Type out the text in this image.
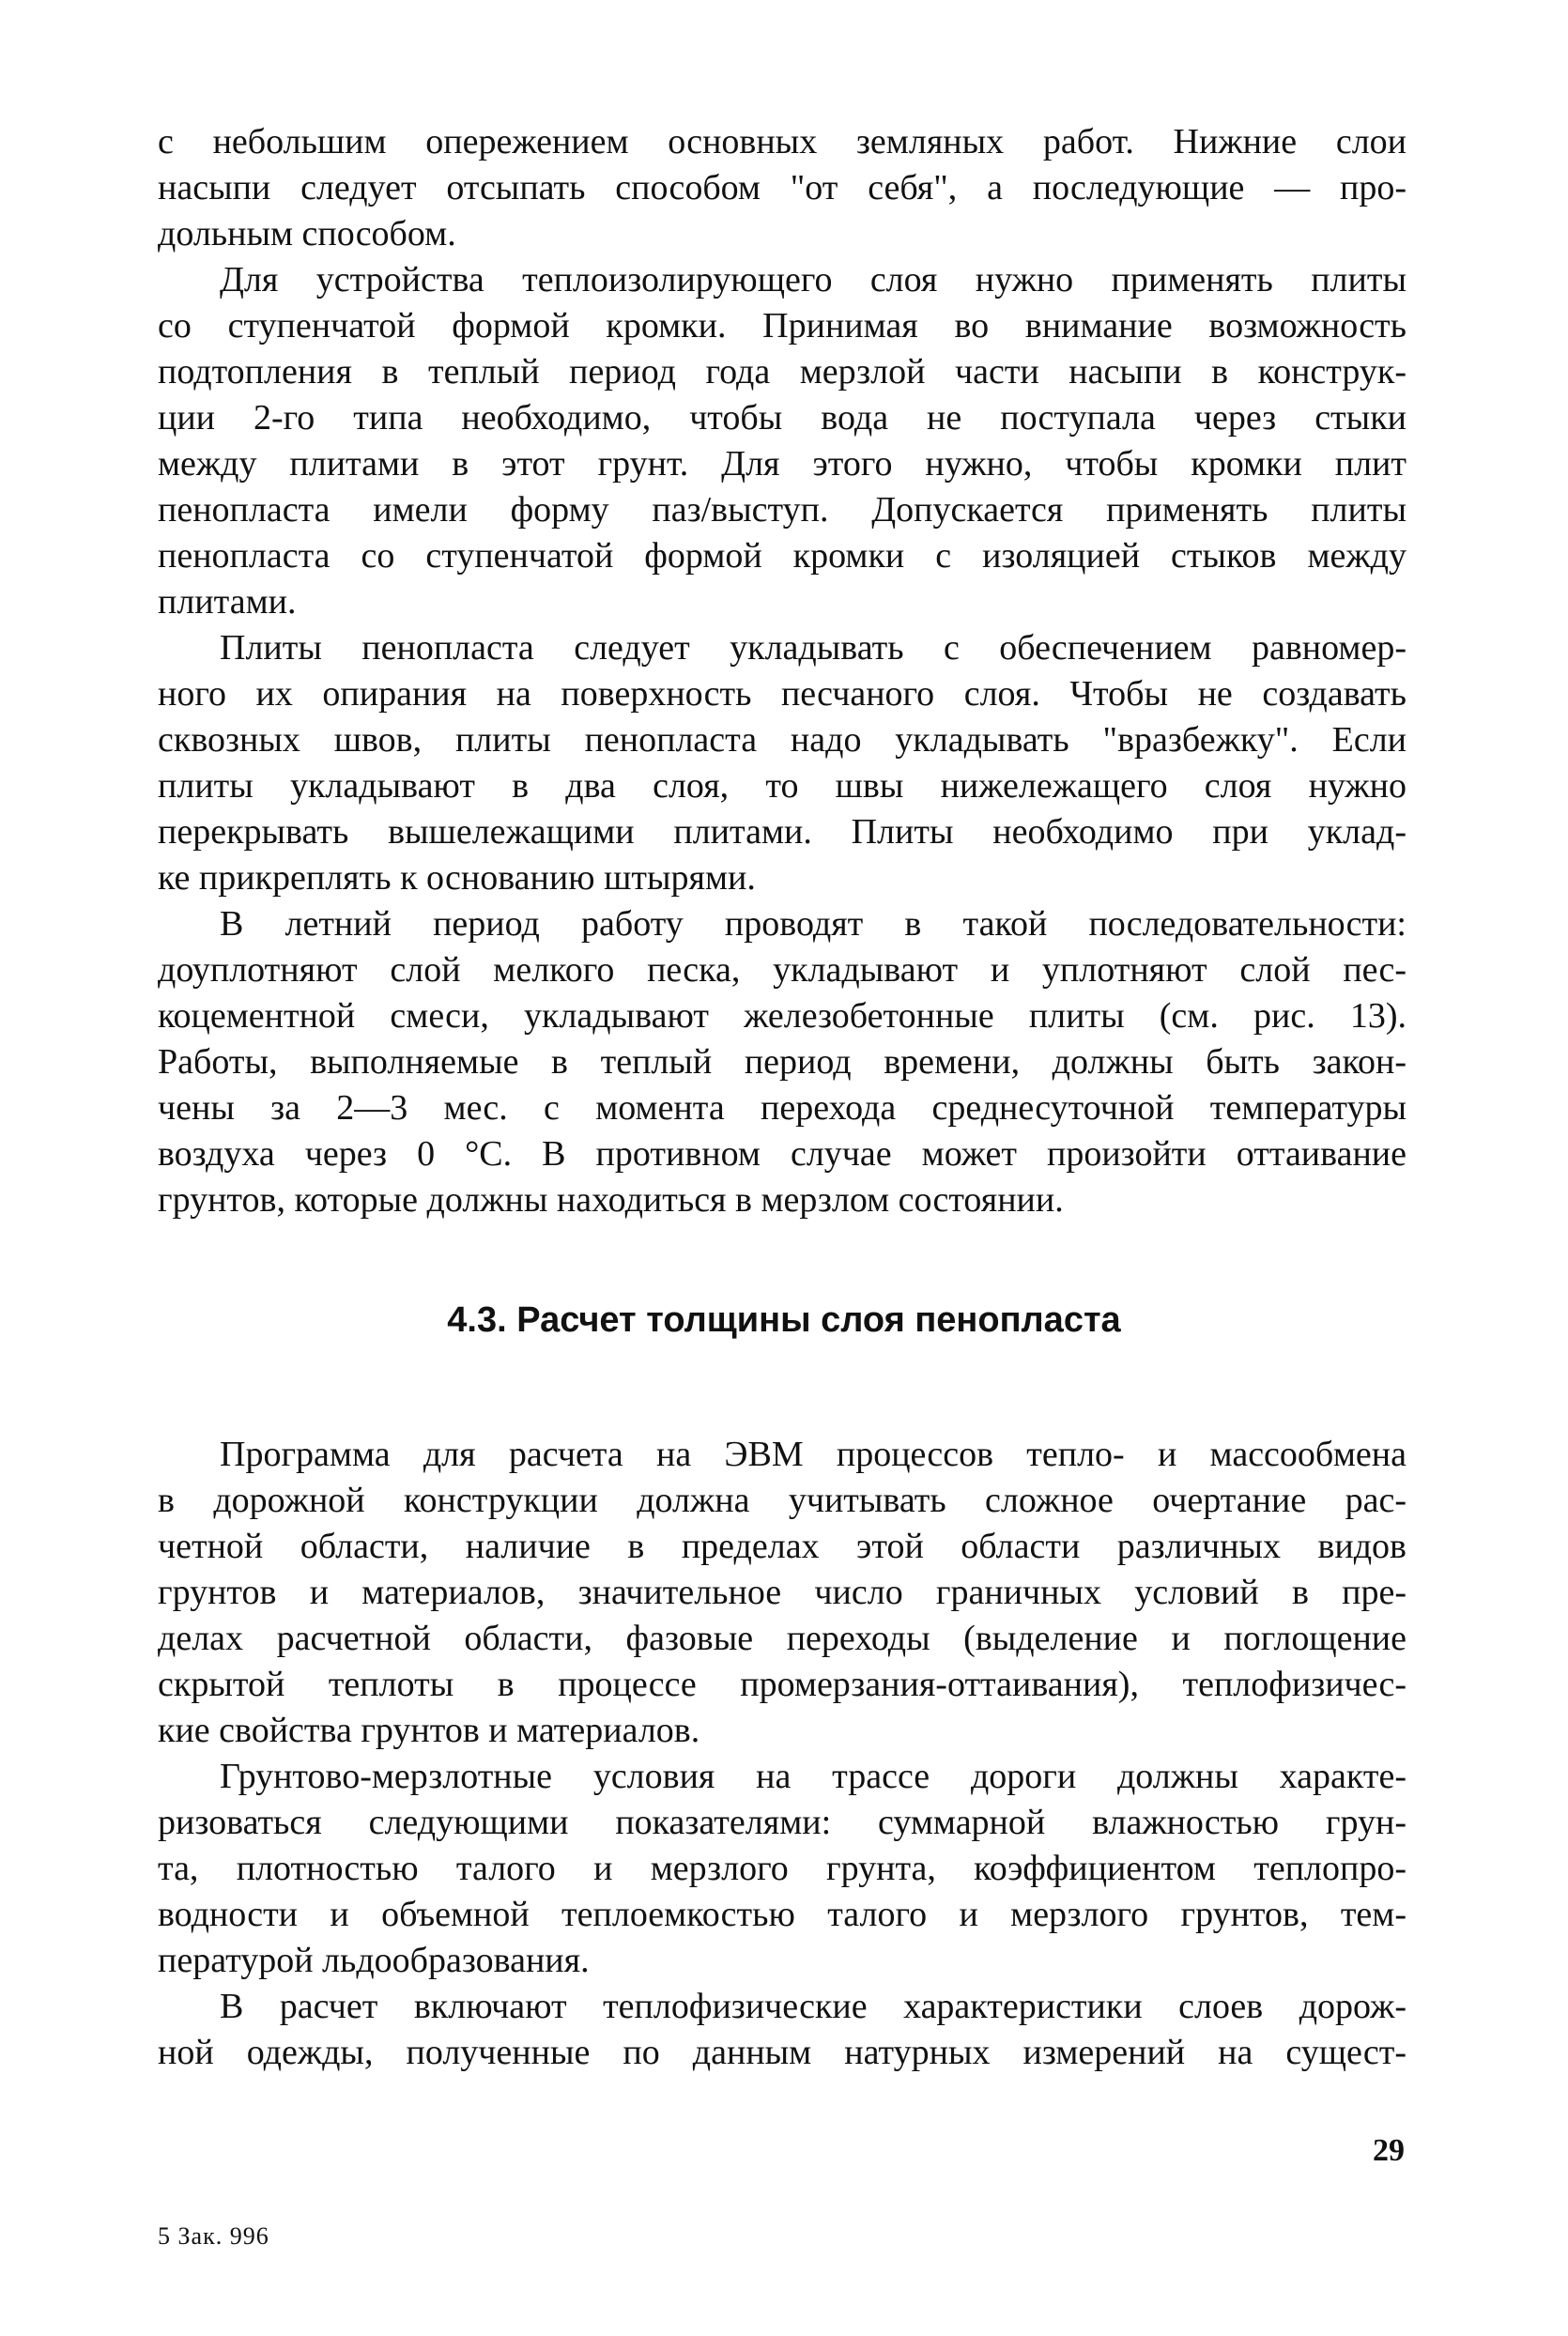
с небольшим опережением основных земляных работ. Нижние слои
насыпи следует отсыпать способом "от себя", а последующие — про-
дольным способом.
Для устройства теплоизолирующего слоя нужно применять плиты
со ступенчатой формой кромки. Принимая во внимание возможность
подтопления в теплый период года мерзлой части насыпи в конструк-
ции 2-го типа необходимо, чтобы вода не поступала через стыки
между плитами в этот грунт. Для этого нужно, чтобы кромки плит
пенопласта имели форму паз/выступ. Допускается применять плиты
пенопласта со ступенчатой формой кромки с изоляцией стыков между
плитами.
Плиты пенопласта следует укладывать с обеспечением равномер-
ного их опирания на поверхность песчаного слоя. Чтобы не создавать
сквозных швов, плиты пенопласта надо укладывать "вразбежку". Если
плиты укладывают в два слоя, то швы нижележащего слоя нужно
перекрывать вышележащими плитами. Плиты необходимо при уклад-
ке прикреплять к основанию штырями.
В летний период работу проводят в такой последовательности:
доуплотняют слой мелкого песка, укладывают и уплотняют слой пес-
коцементной смеси, укладывают железобетонные плиты (см. рис. 13).
Работы, выполняемые в теплый период времени, должны быть закон-
чены за 2—3 мес. с момента перехода среднесуточной температуры
воздуха через 0 °С. В противном случае может произойти оттаивание
грунтов, которые должны находиться в мерзлом состоянии.
4.3. Расчет толщины слоя пенопласта
Программа для расчета на ЭВМ процессов тепло- и массообмена
в дорожной конструкции должна учитывать сложное очертание рас-
четной области, наличие в пределах этой области различных видов
грунтов и материалов, значительное число граничных условий в пре-
делах расчетной области, фазовые переходы (выделение и поглощение
скрытой теплоты в процессе промерзания-оттаивания), теплофизичес-
кие свойства грунтов и материалов.
Грунтово-мерзлотные условия на трассе дороги должны характе-
ризоваться следующими показателями: суммарной влажностью грун-
та, плотностью талого и мерзлого грунта, коэффициентом теплопро-
водности и объемной теплоемкостью талого и мерзлого грунтов, тем-
пературой льдообразования.
В расчет включают теплофизические характеристики слоев дорож-
ной одежды, полученные по данным натурных измерений на сущест-
29
5 Зак. 996
